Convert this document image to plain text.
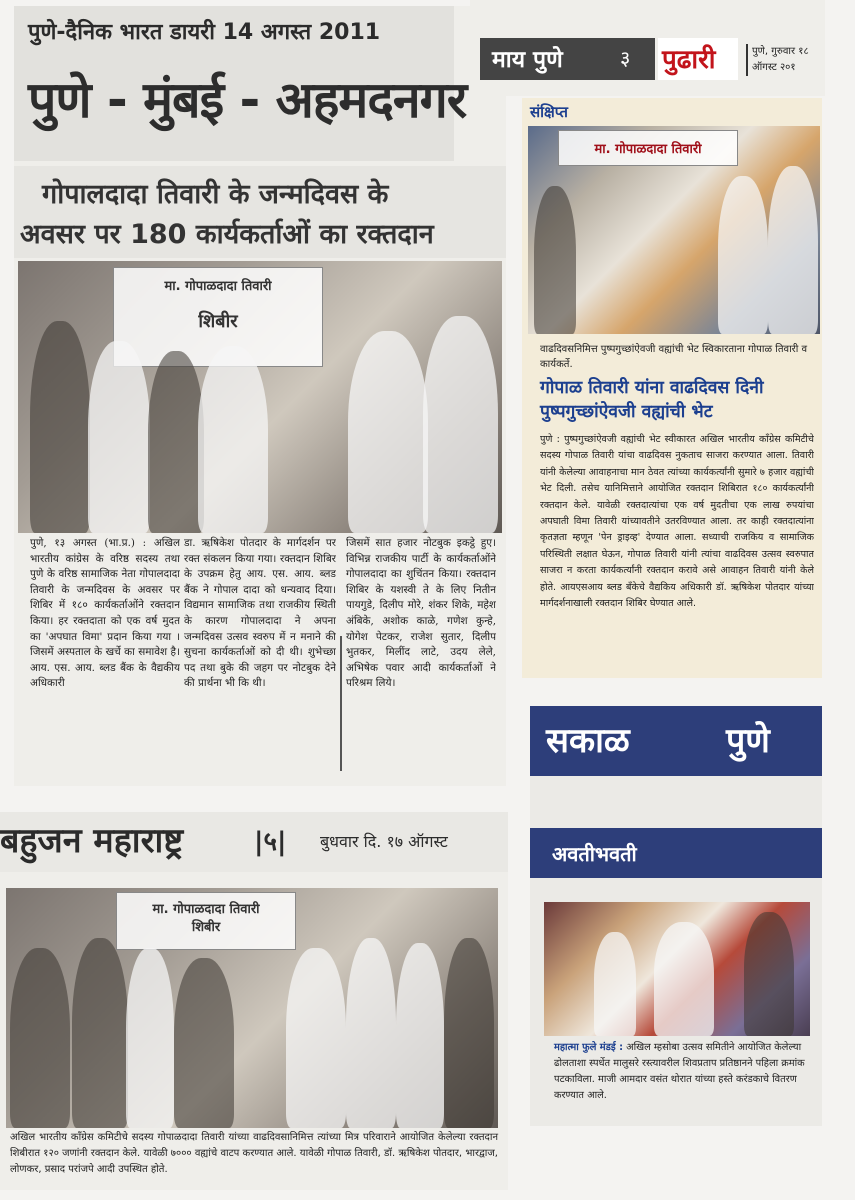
पुणे-दैनिक भारत डायरी 14 अगस्त 2011
पुणे - मुंबई - अहमदनगर
गोपालदादा तिवारी के जन्मदिवस के
अवसर पर 180 कार्यकर्ताओं का रक्तदान
मा. गोपाळदादा तिवारी

शिबीर
पुणे, १३ अगस्त (भा.प्र.) : अखिल भारतीय कांग्रेस के वरिष्ठ सदस्य तथा पुणे के वरिष्ठ सामाजिक नेता गोपालदादा तिवारी के जन्मदिवस के अवसर पर शिबिर में १८० कार्यकर्ताओंने रक्तदान किया। हर रक्तदाता को एक वर्ष मुदत का 'अपघात विमा' प्रदान किया गया । जिसमें अस्पताल के खर्चे का समावेश है। आय. एस. आय. ब्लड बैंक के वैद्यकीय अधिकारी
डा. ऋषिकेश पोतदार के मार्गदर्शन पर रक्त संकलन किया गया। रक्तदान शिबिर के उपक्रम हेतु आय. एस. आय. ब्लड बैंक ने गोपाल दादा को धन्यवाद दिया। विद्यमान सामाजिक तथा राजकीय स्थिती के कारण गोपालदादा ने अपना जन्मदिवस उत्सव स्वरुप में न मनाने की सुचना कार्यकर्ताओं को दी थी। शुभेच्छा पद तथा बुके की जहग पर नोटबुक देने की प्रार्थना भी कि थी।
जिसमें सात हजार नोटबुक इकट्ठे हुए। विभिन्न राजकीय पार्टी के कार्यकर्ताओंने गोपालदादा का शुचिंतन किया। रक्तदान शिबिर के यशस्वी ते के लिए नितीन पायगुडे, दिलीप मोरे, शंकर शिके, महेश अंबिके, अशोक काळे, गणेश कुन्हे, योगेश पेटकर, राजेश सुतार, दिलीप भुतकर, मिलींद लाटे, उदय लेले, अभिषेक पवार आदी कार्यकर्ताओं ने परिश्रम लिये।
माय पुणे	३ पुढारी	पुणे, गुरुवार १८ ऑगस्ट २०१
संक्षिप्त
मा. गोपाळदादा तिवारी
वाढदिवसनिमित्त पुष्पगुच्छांऐवजी वह्यांची भेट स्विकारताना गोपाळ तिवारी व कार्यकर्ते.
गोपाळ तिवारी यांना वाढदिवस दिनी पुष्पगुच्छांऐवजी वह्यांची भेट
पुणे : पुष्पगुच्छांऐवजी वह्यांची भेट स्वीकारत अखिल भारतीय काँग्रेस कमिटीचे सदस्य गोपाळ तिवारी यांचा वाढदिवस नुकताच साजरा करण्यात आला. तिवारी यांनी केलेल्या आवाहनाचा मान ठेवत त्यांच्या कार्यकर्त्यांनी सुमारे ७ हजार वह्यांची भेट दिली. तसेच यानिमित्ताने आयोजित रक्तदान शिबिरात १८० कार्यकर्त्यांनी रक्तदान केले. यावेळी रक्तदात्यांचा एक वर्ष मुदतीचा एक लाख रुपयांचा अपघाती विमा तिवारी यांच्यावतीने उतरविण्यात आला. तर काही रक्तदात्यांना कृतज्ञता म्हणून 'पेन ड्राइव्ह' देण्यात आला. सध्याची राजकिय व सामाजिक परिस्थिती लक्षात घेऊन, गोपाळ तिवारी यांनी त्यांचा वाढदिवस उत्सव स्वरुपात साजरा न करता कार्यकर्त्यांनी रक्तदान करावे असे आवाहन तिवारी यांनी केले होते. आयएसआय ब्लड बँकेचे वैद्यकिय अधिकारी डॉ. ऋषिकेश पोतदार यांच्या मार्गदर्शनाखाली रक्तदान शिबिर घेण्यात आले.
सकाळ	पुणे
अवतीभवती
महात्मा फुले मंडई : अखिल म्हसोबा उत्सव समितीने आयोजित केलेल्या ढोलताशा स्पर्धेत मालुसरे रस्त्यावरील शिवप्रताप प्रतिष्ठानने पहिला क्रमांक पटकाविला. माजी आमदार वसंत थोरात यांच्या हस्ते करंडकाचे वितरण करण्यात आले.
बहुजन महाराष्ट्र	|५| बुधवार दि. १७ ऑगस्ट
मा. गोपाळदादा तिवारी
शिबीर
अखिल भारतीय काँग्रेस कमिटीचे सदस्य गोपाळदादा तिवारी यांच्या वाढदिवसानिमित्त त्यांच्या मित्र परिवाराने आयोजित केलेल्या रक्तदान शिबीरात १२० जणांनी रक्तदान केले. यावेळी ७००० वह्यांचे वाटप करण्यात आले. यावेळी गोपाळ तिवारी, डॉ. ऋषिकेश पोतदार, भारद्वाज, लोणकर, प्रसाद परांजपे आदी उपस्थित होते.
